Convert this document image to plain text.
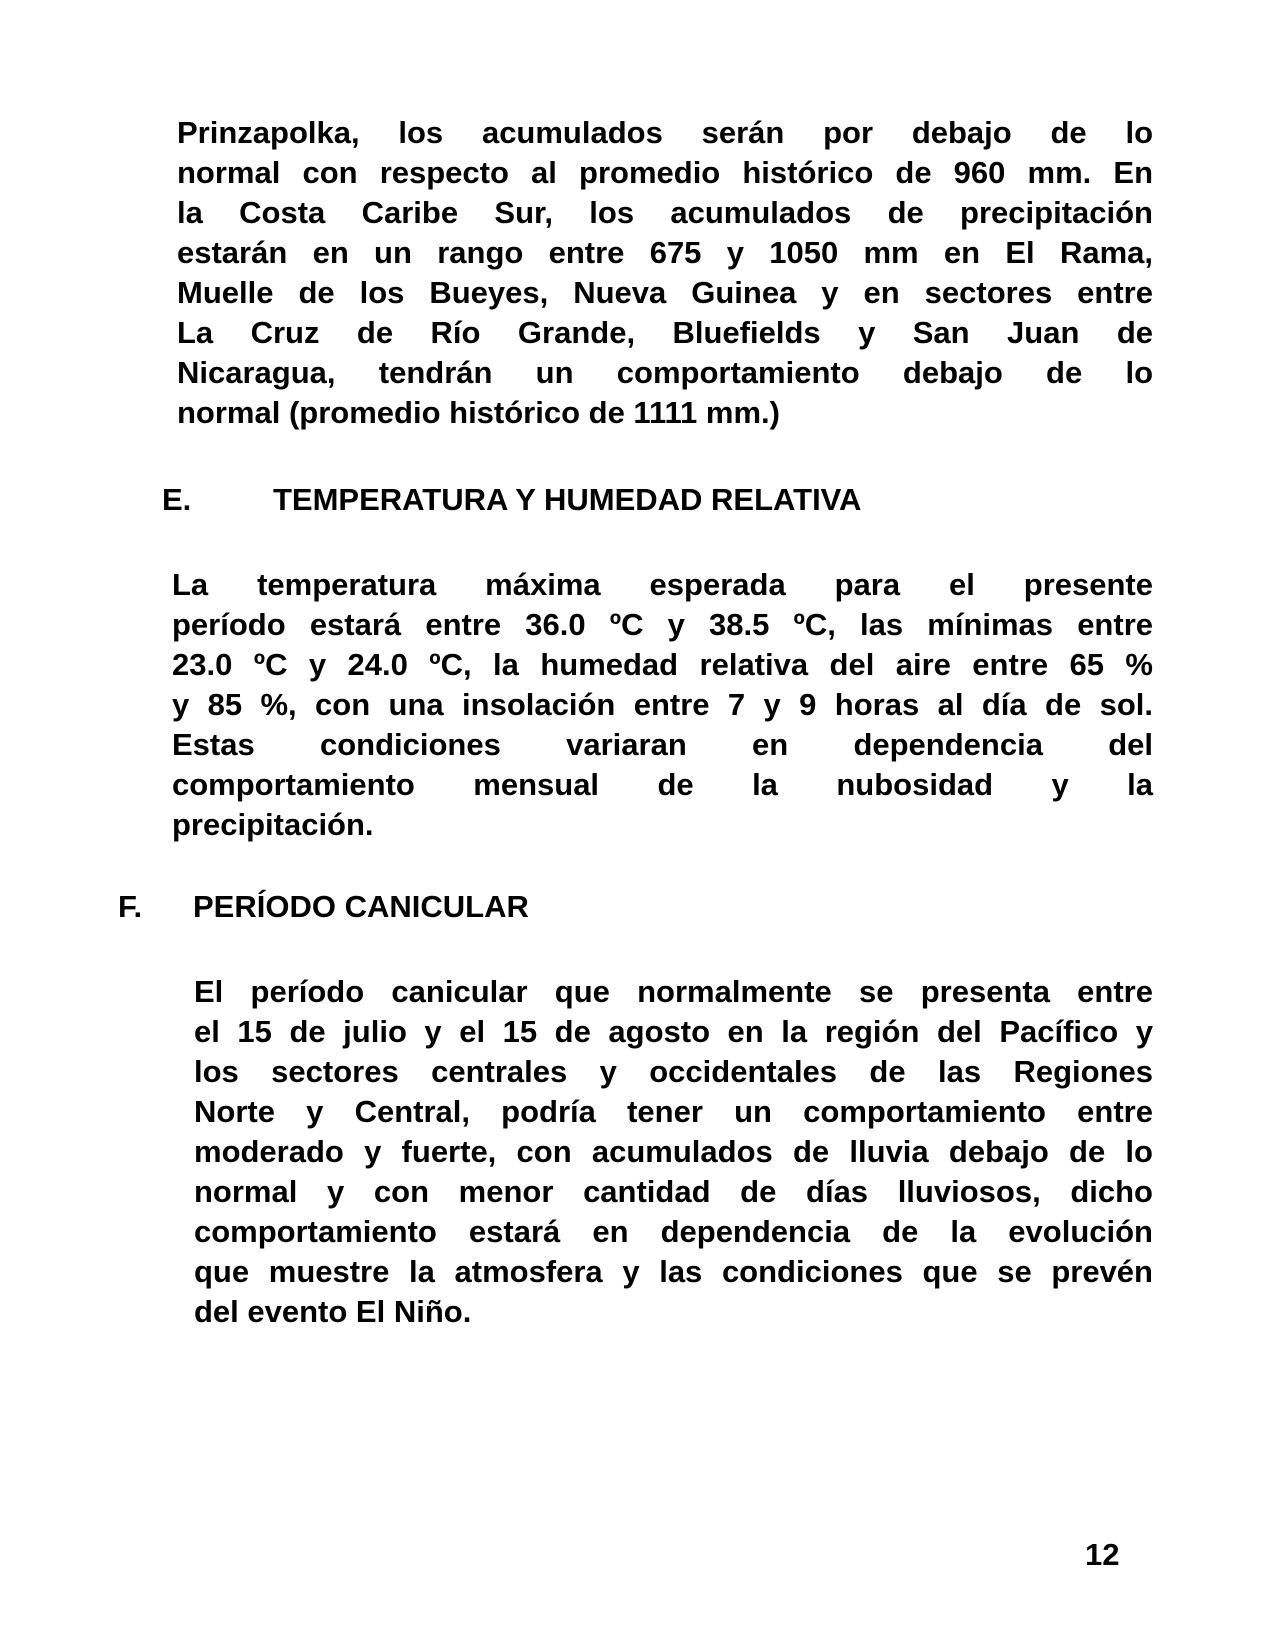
Prinzapolka, los acumulados serán por debajo de lo
normal con respecto al promedio histórico de 960 mm. En
la Costa Caribe Sur, los acumulados de precipitación
estarán en un rango entre 675 y 1050 mm en El Rama,
Muelle de los Bueyes, Nueva Guinea y en sectores entre
La Cruz de Río Grande, Bluefields y San Juan de
Nicaragua, tendrán un comportamiento debajo de lo
normal (promedio histórico de 1111 mm.)
E.	TEMPERATURA Y HUMEDAD RELATIVA
La temperatura máxima esperada para el presente
período estará entre 36.0 ºC y 38.5 ºC, las mínimas entre
23.0 ºC y 24.0 ºC, la humedad relativa del aire entre 65 %
y 85 %, con una insolación entre 7 y 9 horas al día de sol.
Estas condiciones variaran en dependencia del
comportamiento mensual de la nubosidad y la
precipitación.
F. PERÍODO CANICULAR
El período canicular que normalmente se presenta entre
el 15 de julio y el 15 de agosto en la región del Pacífico y
los sectores centrales y occidentales de las Regiones
Norte y Central, podría tener un comportamiento entre
moderado y fuerte, con acumulados de lluvia debajo de lo
normal y con menor cantidad de días lluviosos, dicho
comportamiento estará en dependencia de la evolución
que muestre la atmosfera y las condiciones que se prevén
del evento El Niño.
12
